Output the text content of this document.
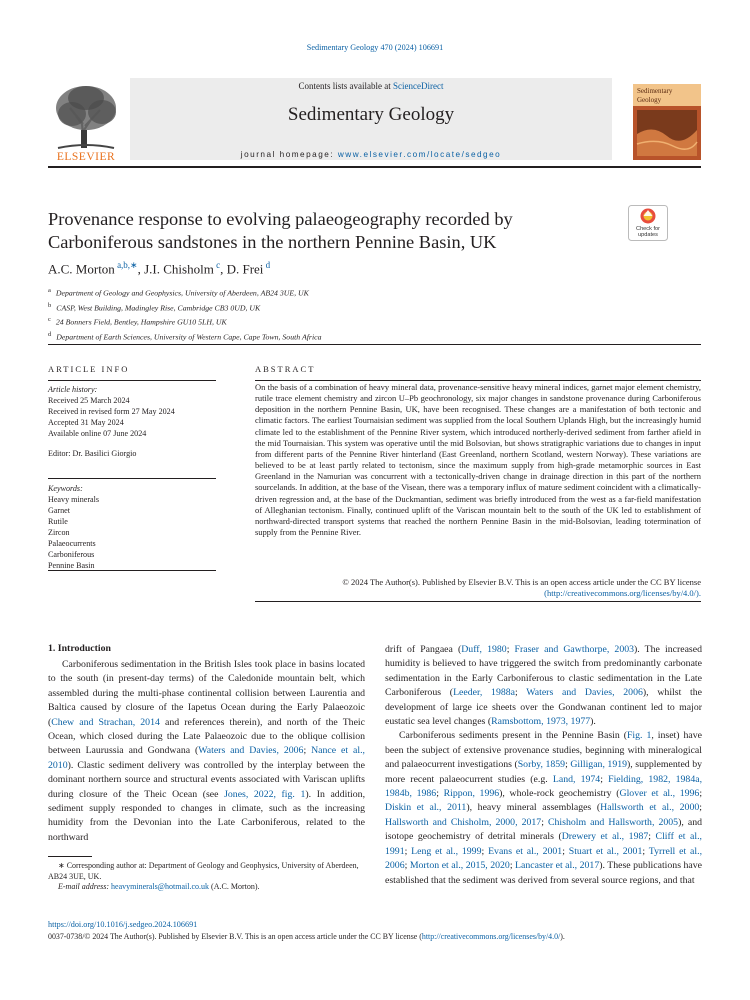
Sedimentary Geology 470 (2024) 106691
ELSEVIER
Contents lists available at ScienceDirect
Sedimentary Geology
journal homepage: www.elsevier.com/locate/sedgeo
Sedimentary
Geology
Check for
updates
Provenance response to evolving palaeogeography recorded by
Carboniferous sandstones in the northern Pennine Basin, UK
A.C. Morton $^{a,b,∗}$, J.I. Chisholm $^c$, D. Frei $^d$
$^a$ Department of Geology and Geophysics, University of Aberdeen, AB24 3UE, UK
$^b$ CASP, West Building, Madingley Rise, Cambridge CB3 0UD, UK
$^c$ 24 Bonners Field, Bentley, Hampshire GU10 5LH, UK
$^d$ Department of Earth Sciences, University of Western Cape, Cape Town, South Africa
ARTICLE INFO
Article history:
Received 25 March 2024
Received in revised form 27 May 2024
Accepted 31 May 2024
Available online 07 June 2024
Editor: Dr. Basilici Giorgio
Keywords:
Heavy minerals
Garnet
Rutile
Zircon
Palaeocurrents
Carboniferous
Pennine Basin
ABSTRACT
On the basis of a combination of heavy mineral data, provenance-sensitive heavy mineral indices, garnet major element chemistry, rutile trace element chemistry and zircon U–Pb geochronology, six major changes in sandstone provenance during Carboniferous deposition in the northern Pennine Basin, UK, have been recognised. These changes are a manifestation of both tectonic and climatic factors. The earliest Tournaisian sediment was supplied from the local Southern Uplands High, but the increasingly humid climate led to the establishment of the Pennine River system, which introduced northerly-derived sediment from farther afield in the mid Tournaisian. This system was operative until the mid Bolsovian, but shows stratigraphic variations due to changes in input from different parts of the Pennine River hinterland (East Greenland, northern Scotland, western Norway). These variations are believed to be at least partly related to tectonism, since the maximum supply from high-grade metamorphic sources in East Greenland in the Namurian was concurrent with a tectonically-driven change in drainage direction in this part of the northern sourcelands. In addition, at the base of the Visean, there was a temporary influx of mature sediment coincident with a climatically-driven regression and, at the base of the Duckmantian, sediment was briefly introduced from the west as a far-field manifestation of Alleghanian tectonism. Finally, continued uplift of the Variscan mountain belt to the south of the UK led to establishment of northward-directed transport systems that reached the northern Pennine Basin in the mid-Bolsovian, leading totermination of supply from the Pennine River.
© 2024 The Author(s). Published by Elsevier B.V. This is an open access article under the CC BY license
(http://creativecommons.org/licenses/by/4.0/).
1. Introduction

Carboniferous sedimentation in the British Isles took place in basins located to the south (in present-day terms) of the Caledonide mountain belt, which assembled during the multi-phase continental collision between Laurentia and Baltica caused by closure of the Iapetus Ocean during the Early Palaeozoic (Chew and Strachan, 2014 and references therein), and north of the Theic Ocean, which closed during the Late Palaeozoic due to the oblique collision between Laurussia and Gondwana (Waters and Davies, 2006; Nance et al., 2010). Clastic sediment delivery was controlled by the interplay between the dominant northern source and structural events associated with Variscan uplifts during closure of the Theic Ocean (see Jones, 2022, fig. 1). In addition, sediment supply responded to changes in climate, such as the increasing humidity from the Devonian into the Late Carboniferous, related to the northward

drift of Pangaea (Duff, 1980; Fraser and Gawthorpe, 2003). The increased humidity is believed to have triggered the switch from predominantly carbonate sedimentation in the Early Carboniferous to clastic sedimentation in the Late Carboniferous (Leeder, 1988a; Waters and Davies, 2006), whilst the development of large ice sheets over the Gondwanan continent led to major eustatic sea level changes (Ramsbottom, 1973, 1977).

Carboniferous sediments present in the Pennine Basin (Fig. 1, inset) have been the subject of extensive provenance studies, beginning with mineralogical and palaeocurrent investigations (Sorby, 1859; Gilligan, 1919), supplemented by more recent palaeocurrent studies (e.g. Land, 1974; Fielding, 1982, 1984a, 1984b, 1986; Rippon, 1996), whole-rock geochemistry (Glover et al., 1996; Diskin et al., 2011), heavy mineral assemblages (Hallsworth et al., 2000; Hallsworth and Chisholm, 2000, 2017; Chisholm and Hallsworth, 2005), and isotope geochemistry of detrital minerals (Drewery et al., 1987; Cliff et al., 1991; Leng et al., 1999; Evans et al., 2001; Stuart et al., 2001; Tyrrell et al., 2006; Morton et al., 2015, 2020; Lancaster et al., 2017). These publications have established that the sediment was derived from several source regions, and that

∗ Corresponding author at: Department of Geology and Geophysics, University of Aberdeen, AB24 3UE, UK.
E-mail address: heavyminerals@hotmail.co.uk (A.C. Morton).
https://doi.org/10.1016/j.sedgeo.2024.106691
0037-0738/© 2024 The Author(s). Published by Elsevier B.V. This is an open access article under the CC BY license (http://creativecommons.org/licenses/by/4.0/).
